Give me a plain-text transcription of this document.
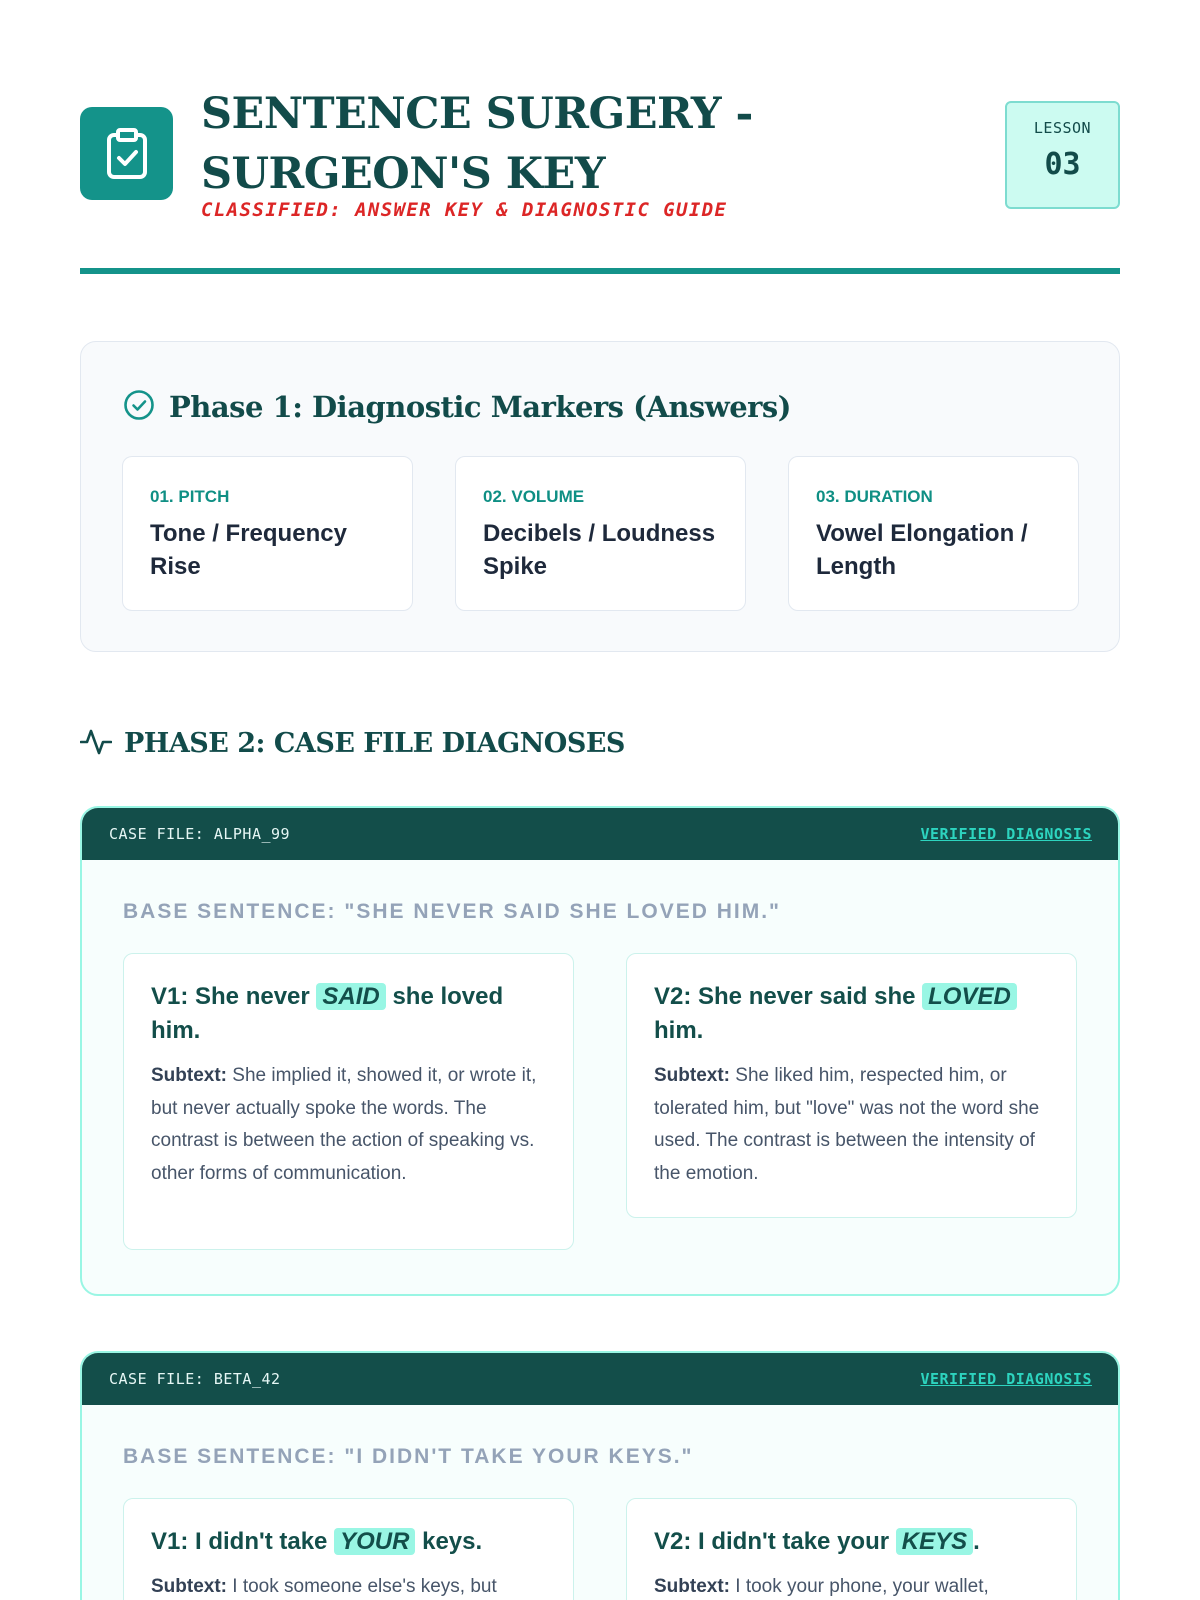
SENTENCE SURGERY - SURGEON'S KEY
CLASSIFIED: ANSWER KEY & DIAGNOSTIC GUIDE
LESSON
03
Phase 1: Diagnostic Markers (Answers)
01. PITCH
Tone / Frequency Rise
02. VOLUME
Decibels / Loudness Spike
03. DURATION
Vowel Elongation / Length
PHASE 2: CASE FILE DIAGNOSES
CASE FILE: ALPHA_99	VERIFIED DIAGNOSIS
BASE SENTENCE: "SHE NEVER SAID SHE LOVED HIM."
V1: She never SAID she loved him.
Subtext: She implied it, showed it, or wrote it, but never actually spoke the words. The contrast is between the action of speaking vs. other forms of communication.
V2: She never said she LOVED him.
Subtext: She liked him, respected him, or tolerated him, but "love" was not the word she used. The contrast is between the intensity of the emotion.
CASE FILE: BETA_42	VERIFIED DIAGNOSIS
BASE SENTENCE: "I DIDN'T TAKE YOUR KEYS."
V1: I didn't take YOUR keys.
Subtext: I took someone else's keys, but
V2: I didn't take your KEYS .
Subtext: I took your phone, your wallet,
